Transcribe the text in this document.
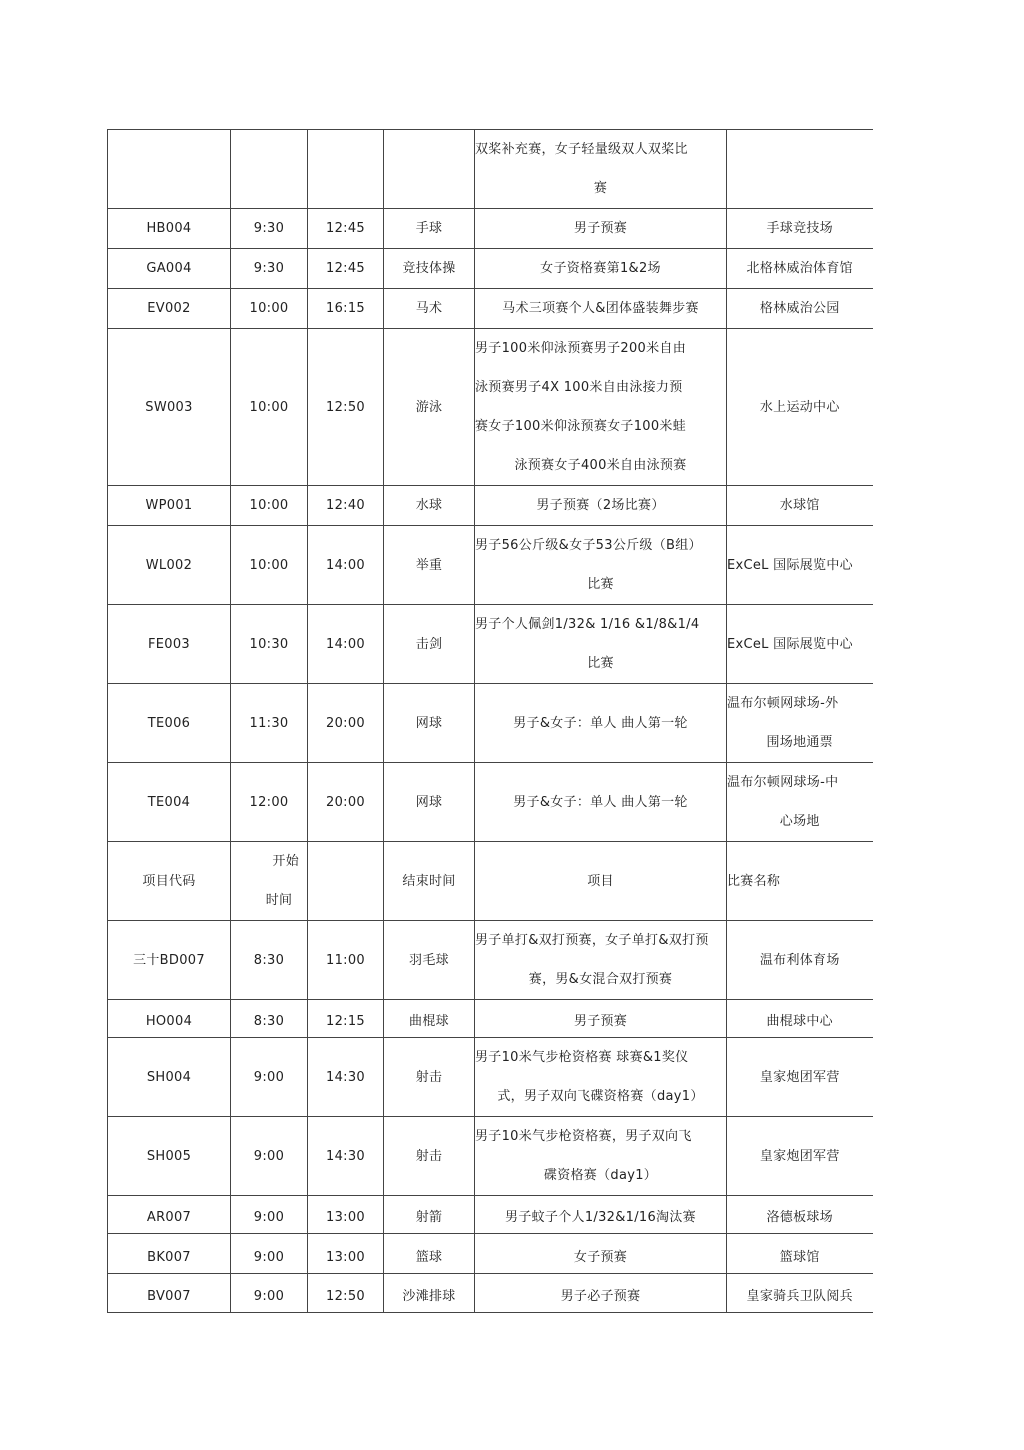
				双桨补充赛，女子轻量级双人双桨比
赛	

HB004	9:30	12:45	手球	男子预赛	手球竞技场

GA004	9:30	12:45	竞技体操	女子资格赛第1&2场	北格林威治体育馆

EV002	10:00	16:15	马术	马术三项赛个人&团体盛装舞步赛	格林威治公园

SW003	10:00	12:50	游泳	男子100米仰泳预赛男子200米自由
泳预赛男子4X 100米自由泳接力预
赛女子100米仰泳预赛女子100米蛙
泳预赛女子400米自由泳预赛	水上运动中心

WP001	10:00	12:40	水球	男子预赛（2场比赛）	水球馆

WL002	10:00	14:00	举重	男子56公斤级&女子53公斤级（B组）
比赛	ExCeL 国际展览中心

FE003	10:30	14:00	击剑	男子个人佩剑1/32& 1/16 &1/8&1/4
比赛	ExCeL 国际展览中心

TE006	11:30	20:00	网球	男子&女子：单人 曲人第一轮	温布尔顿网球场-外
围场地通票

TE004	12:00	20:00	网球	男子&女子：单人 曲人第一轮	温布尔顿网球场-中
心场地

项目代码	开始
时间		结束时间	项目	比赛名称

三十BD007	8:30	11:00	羽毛球	男子单打&双打预赛，女子单打&双打预
赛，男&女混合双打预赛	温布利体育场

HO004	8:30	12:15	曲棍球	男子预赛	曲棍球中心

SH004	9:00	14:30	射击	男子10米气步枪资格赛 球赛&1奖仪
式，男子双向飞碟资格赛（day1）	皇家炮团军营

SH005	9:00	14:30	射击	男子10米气步枪资格赛，男子双向飞
碟资格赛（day1）	皇家炮团军营

AR007	9:00	13:00	射箭	男子蚊子个人1/32&1/16淘汰赛	洛德板球场

BK007	9:00	13:00	篮球	女子预赛	篮球馆

BV007	9:00	12:50	沙滩排球	男子必子预赛	皇家骑兵卫队阅兵
